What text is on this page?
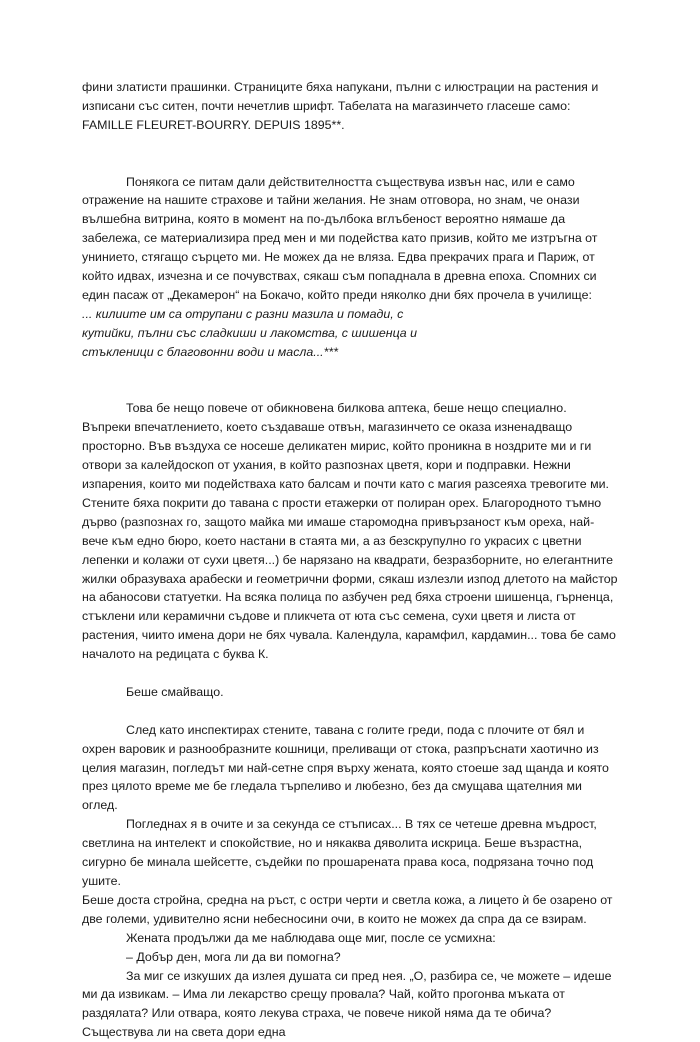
фини златисти прашинки. Страниците бяха напукани, пълни с илюстрации на растения и изписани със ситен, почти нечетлив шрифт. Табелата на магазинчето гласеше само: FAMILLE FLEURET-BOURRY. DEPUIS 1895**.

Понякога се питам дали действителността съществува извън нас, или е само отражение на нашите страхове и тайни желания. Не знам отговора, но знам, че онази вълшебна витрина, която в момент на по-дълбока вглъбеност вероятно нямаше да забележа, се материализира пред мен и ми подейства като призив, който ме изтръгна от унинието, стягащо сърцето ми. Не можех да не вляза. Едва прекрачих прага и Париж, от който идвах, изчезна и се почувствах, сякаш съм попаднала в древна епоха. Спомних си един пасаж от „Декамерон“ на Бокачо, който преди няколко дни бях прочела в училище:

... килиите им са отрупани с разни мазила и помади, с

кутийки, пълни със сладкиши и лакомства, с шишенца и

стъкленици с благовонни води и масла...***

Това бе нещо повече от обикновена билкова аптека, беше нещо специално. Въпреки впечатлението, което създаваше отвън, магазинчето се оказа изненадващо просторно. Във въздуха се носеше деликатен мирис, който проникна в ноздрите ми и ги отвори за калейдоскоп от ухания, в който разпознах цветя, кори и подправки. Нежни изпарения, които ми подействаха като балсам и почти като с магия разсеяха тревогите ми. Стените бяха покрити до тавана с прости етажерки от полиран орех. Благородното тъмно дърво (разпознах го, защото майка ми имаше старомодна привързаност към ореха, най-вече към едно бюро, което настани в стаята ми, а аз безскрупулно го украсих с цветни лепенки и колажи от сухи цветя...) бе нарязано на квадрати, безразборните, но елегантните жилки образуваха арабески и геометрични форми, сякаш излезли изпод длетото на майстор на абаносови статуетки. На всяка полица по азбучен ред бяха строени шишенца, гърненца, стъклени или керамични съдове и пликчета от юта със семена, сухи цветя и листа от растения, чиито имена дори не бях чувала. Календула, карамфил, кардамин... това бе само началото на редицата с буква К.

Беше смайващо.

След като инспектирах стените, тавана с голите греди, пода с плочите от бял и охрен варовик и разнообразните кошници, преливащи от стока, разпръснати хаотично из целия магазин, погледът ми най-сетне спря върху жената, която стоеше зад щанда и която през цялото време ме бе гледала търпеливо и любезно, без да смущава щателния ми оглед.

Погледнах я в очите и за секунда се стъписах... В тях се четеше древна мъдрост, светлина на интелект и спокойствие, но и някаква дяволита искрица. Беше възрастна, сигурно бе минала шейсетте, съдейки по прошарената права коса, подрязана точно под ушите.

Беше доста стройна, средна на ръст, с остри черти и светла кожа, а лицето ѝ бе озарено от две големи, удивително ясни небесносини очи, в които не можех да спра да се взирам.

Жената продължи да ме наблюдава още миг, после се усмихна:

– Добър ден, мога ли да ви помогна?

За миг се изкуших да излея душата си пред нея. „О, разбира се, че можете – идеше ми да извикам. – Има ли лекарство срещу провала? Чай, който прогонва мъката от раздялата? Или отвара, която лекува страха, че повече никой няма да те обича? Съществува ли на света дори една
